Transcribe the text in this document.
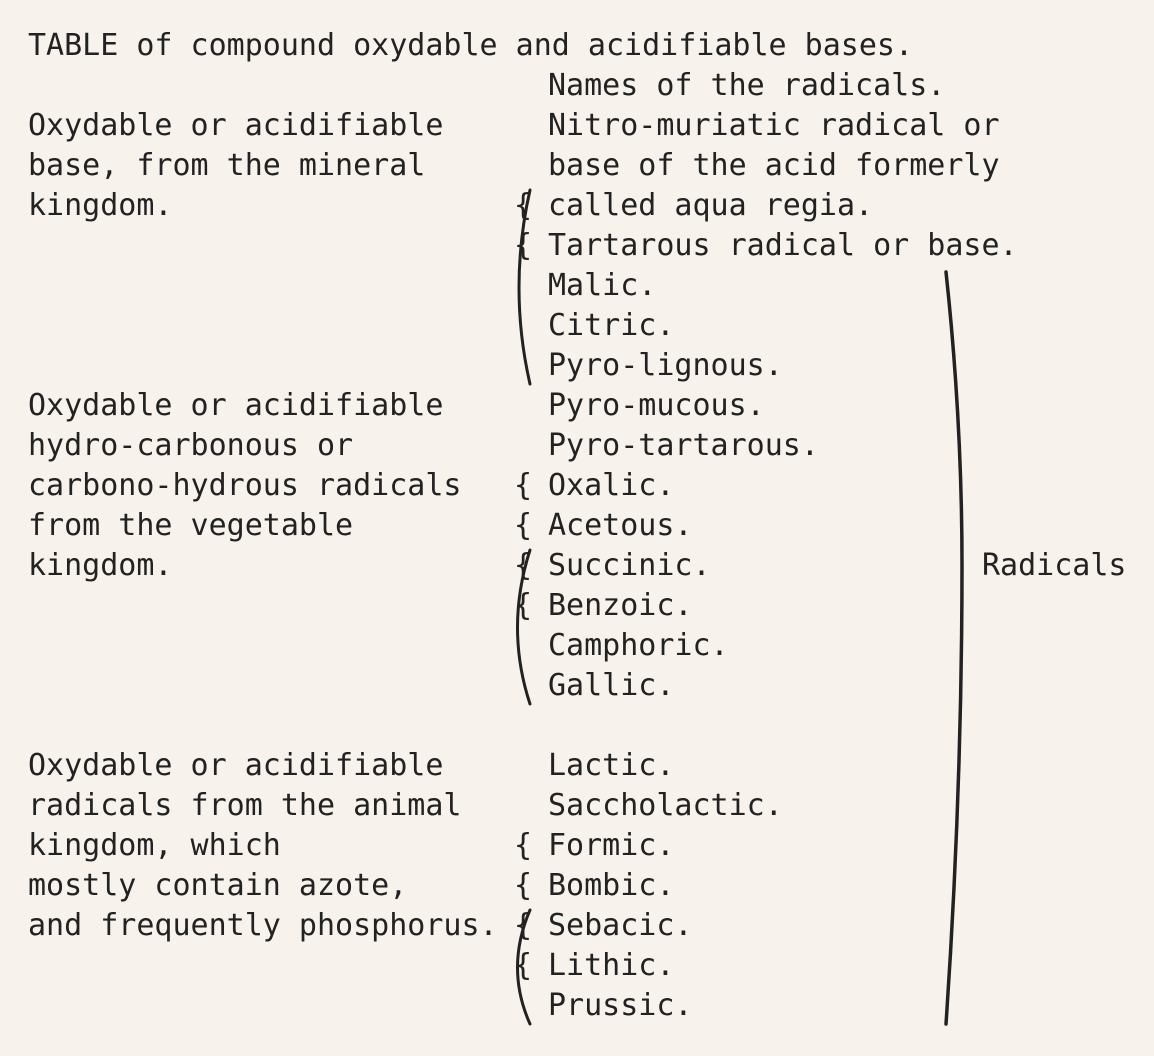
TABLE of compound oxydable and acidifiable bases.
Names of the radicals.
Oxydable or acidifiable
base, from the mineral
kingdom.
Nitro-muriatic radical or
base of the acid formerly
called aqua regia.

{
{

Oxydable or acidifiable
hydro-carbonous or
carbono-hydrous radicals
from the vegetable
kingdom.
Tartarous radical or base.
Malic.
Citric.
Pyro-lignous.
Pyro-mucous.
Pyro-tartarous.
Oxalic.
Acetous.
Succinic.
Benzoic.
Camphoric.
Gallic.

{
{
{
{

Oxydable or acidifiable
radicals from the animal
kingdom, which
mostly contain azote,
and frequently phosphorus.
Lactic.
Saccholactic.
Formic.
Bombic.
Sebacic.
Lithic.
Prussic.

{
{
{
{

Radicals
